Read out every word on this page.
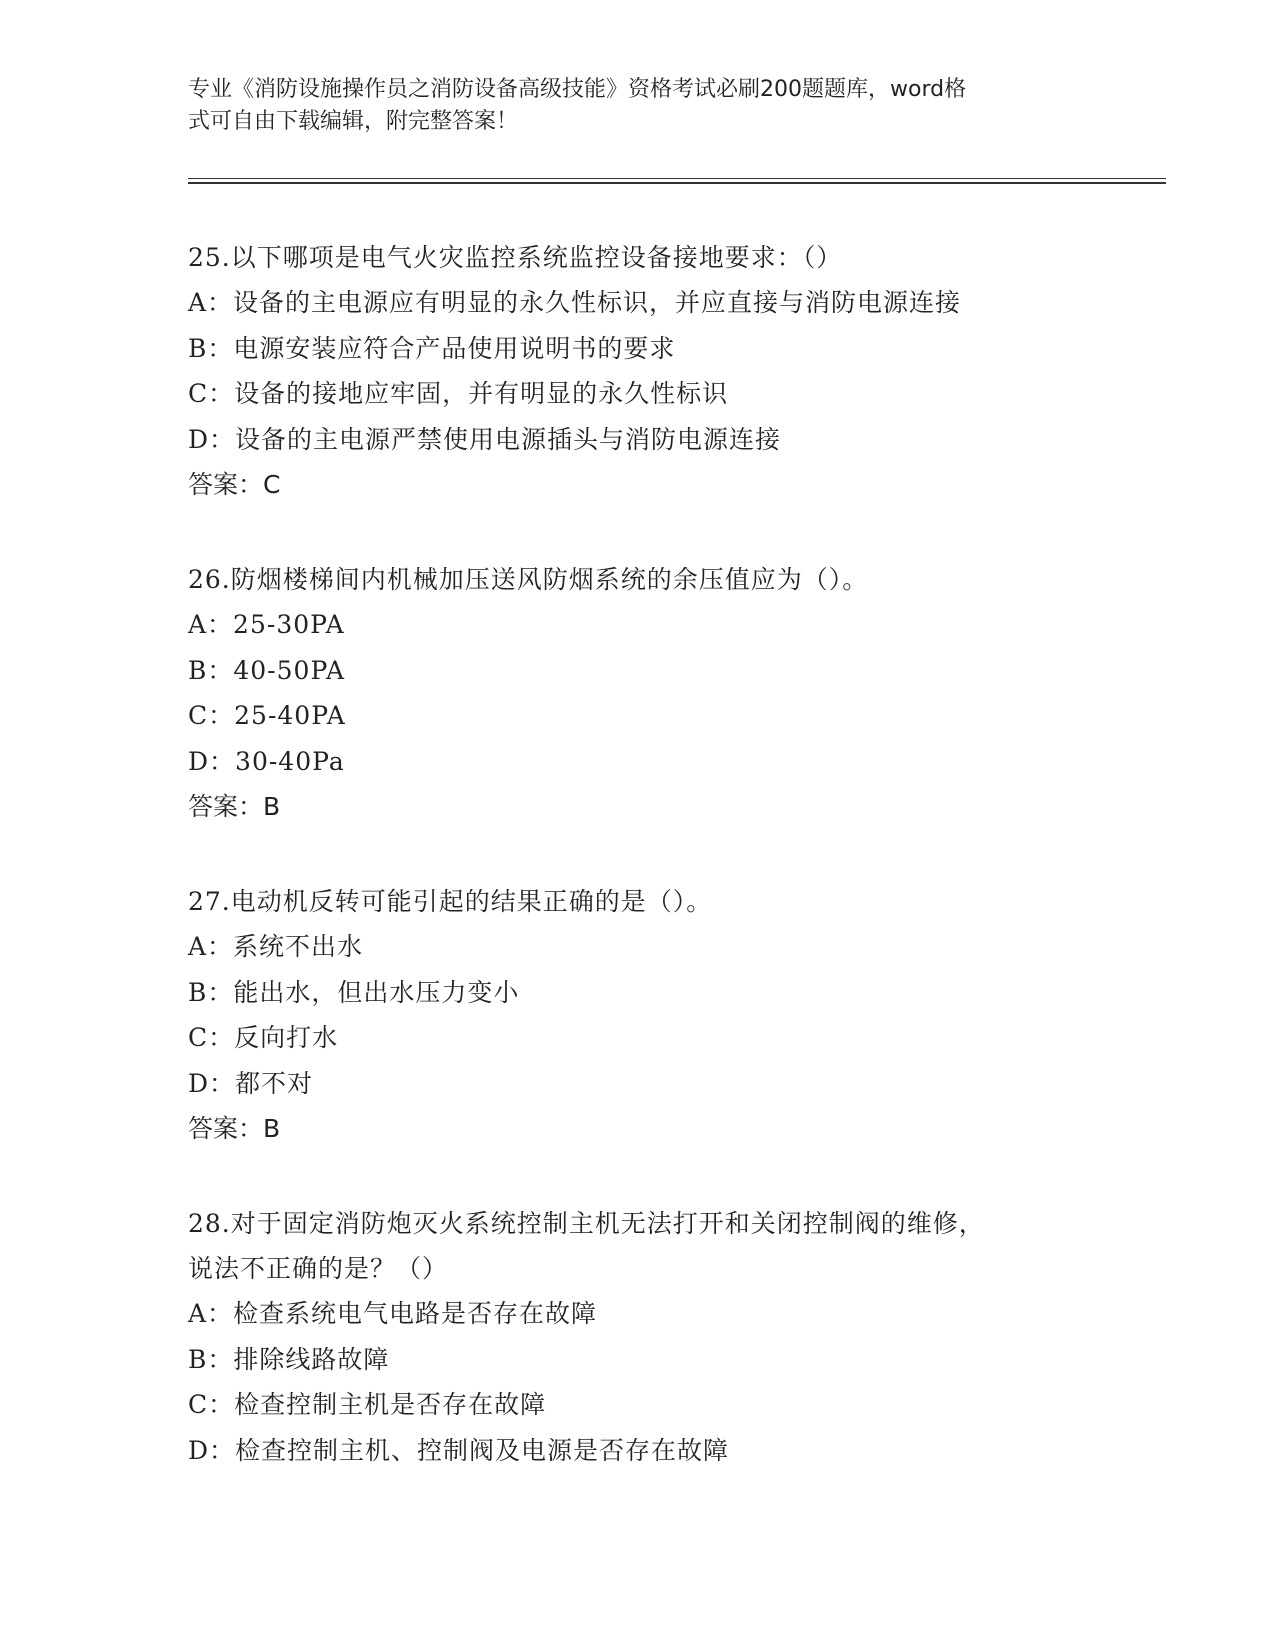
专业《消防设施操作员之消防设备高级技能》资格考试必刷200题题库，word格
式可自由下载编辑，附完整答案！
25.以下哪项是电气火灾监控系统监控设备接地要求：（）
A：设备的主电源应有明显的永久性标识，并应直接与消防电源连接
B：电源安装应符合产品使用说明书的要求
C：设备的接地应牢固，并有明显的永久性标识
D：设备的主电源严禁使用电源插头与消防电源连接
答案：C
26.防烟楼梯间内机械加压送风防烟系统的余压值应为（）。
A：25-30PA
B：40-50PA
C：25-40PA
D：30-40Pa
答案：B
27.电动机反转可能引起的结果正确的是（）。
A：系统不出水
B：能出水，但出水压力变小
C：反向打水
D：都不对
答案：B
28.对于固定消防炮灭火系统控制主机无法打开和关闭控制阀的维修，
说法不正确的是？（）
A：检查系统电气电路是否存在故障
B：排除线路故障
C：检查控制主机是否存在故障
D：检查控制主机、控制阀及电源是否存在故障
